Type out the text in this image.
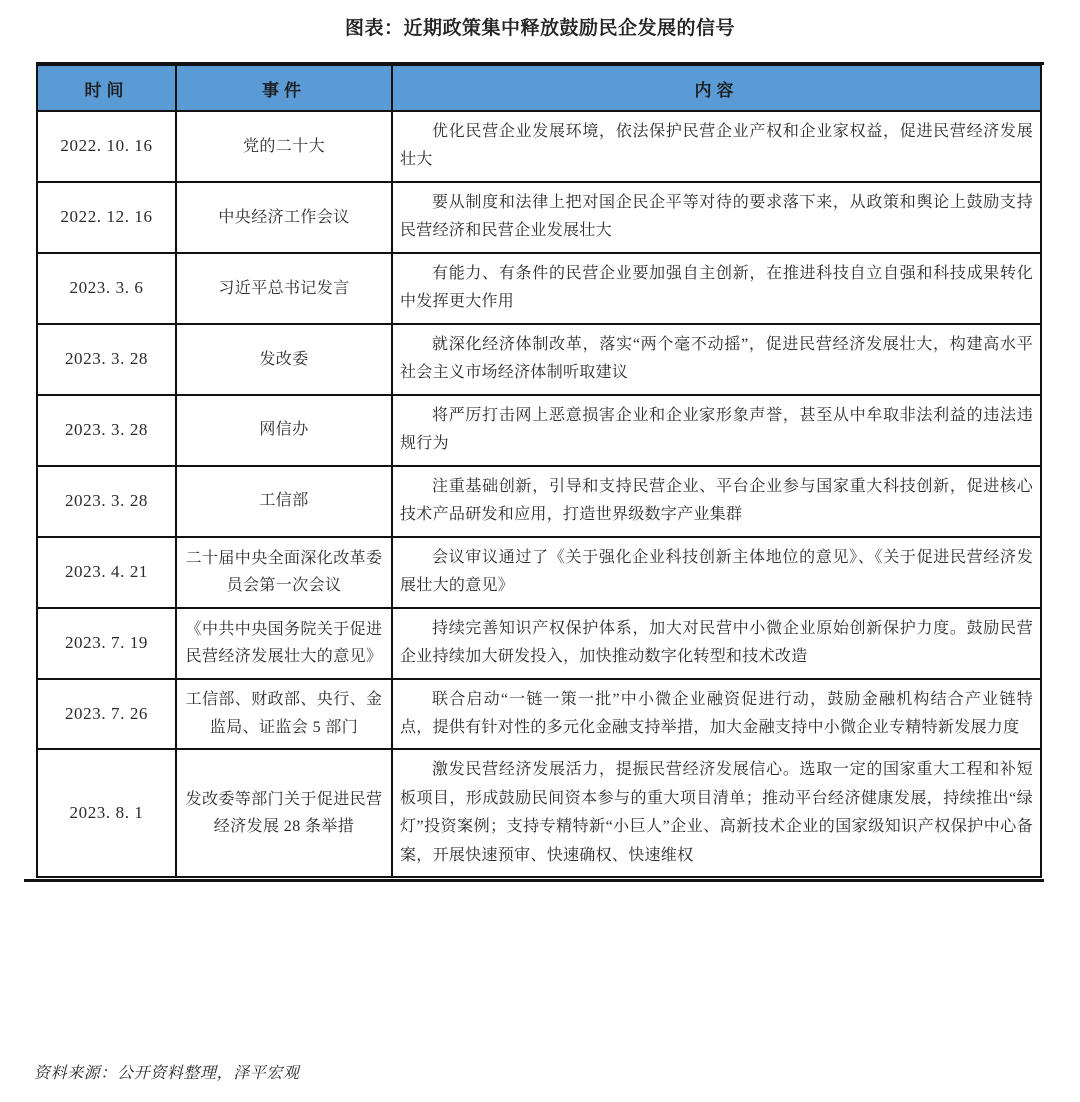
图表：近期政策集中释放鼓励民企发展的信号
时间	事件	内容
2022. 10. 16	党的二十大	优化民营企业发展环境，依法保护民营企业产权和企业家权益，促进民营经济发展壮大
2022. 12. 16	中央经济工作会议	要从制度和法律上把对国企民企平等对待的要求落下来，从政策和舆论上鼓励支持民营经济和民营企业发展壮大
2023. 3. 6	习近平总书记发言	有能力、有条件的民营企业要加强自主创新，在推进科技自立自强和科技成果转化中发挥更大作用
2023. 3. 28	发改委	就深化经济体制改革，落实“两个毫不动摇”，促进民营经济发展壮大，构建高水平社会主义市场经济体制听取建议
2023. 3. 28	网信办	将严厉打击网上恶意损害企业和企业家形象声誉，甚至从中牟取非法利益的违法违规行为
2023. 3. 28	工信部	注重基础创新，引导和支持民营企业、平台企业参与国家重大科技创新，促进核心技术产品研发和应用，打造世界级数字产业集群
2023. 4. 21	二十届中央全面深化改革委员会第一次会议	会议审议通过了《关于强化企业科技创新主体地位的意见》、《关于促进民营经济发展壮大的意见》
2023. 7. 19	《中共中央国务院关于促进民营经济发展壮大的意见》	持续完善知识产权保护体系，加大对民营中小微企业原始创新保护力度。鼓励民营企业持续加大研发投入，加快推动数字化转型和技术改造
2023. 7. 26	工信部、财政部、央行、金监局、证监会 5 部门	联合启动“一链一策一批”中小微企业融资促进行动，鼓励金融机构结合产业链特点，提供有针对性的多元化金融支持举措，加大金融支持中小微企业专精特新发展力度
2023. 8. 1	发改委等部门关于促进民营经济发展 28 条举措	激发民营经济发展活力，提振民营经济发展信心。选取一定的国家重大工程和补短板项目，形成鼓励民间资本参与的重大项目清单；推动平台经济健康发展，持续推出“绿灯”投资案例；支持专精特新“小巨人”企业、高新技术企业的国家级知识产权保护中心备案，开展快速预审、快速确权、快速维权
资料来源：公开资料整理，泽平宏观
